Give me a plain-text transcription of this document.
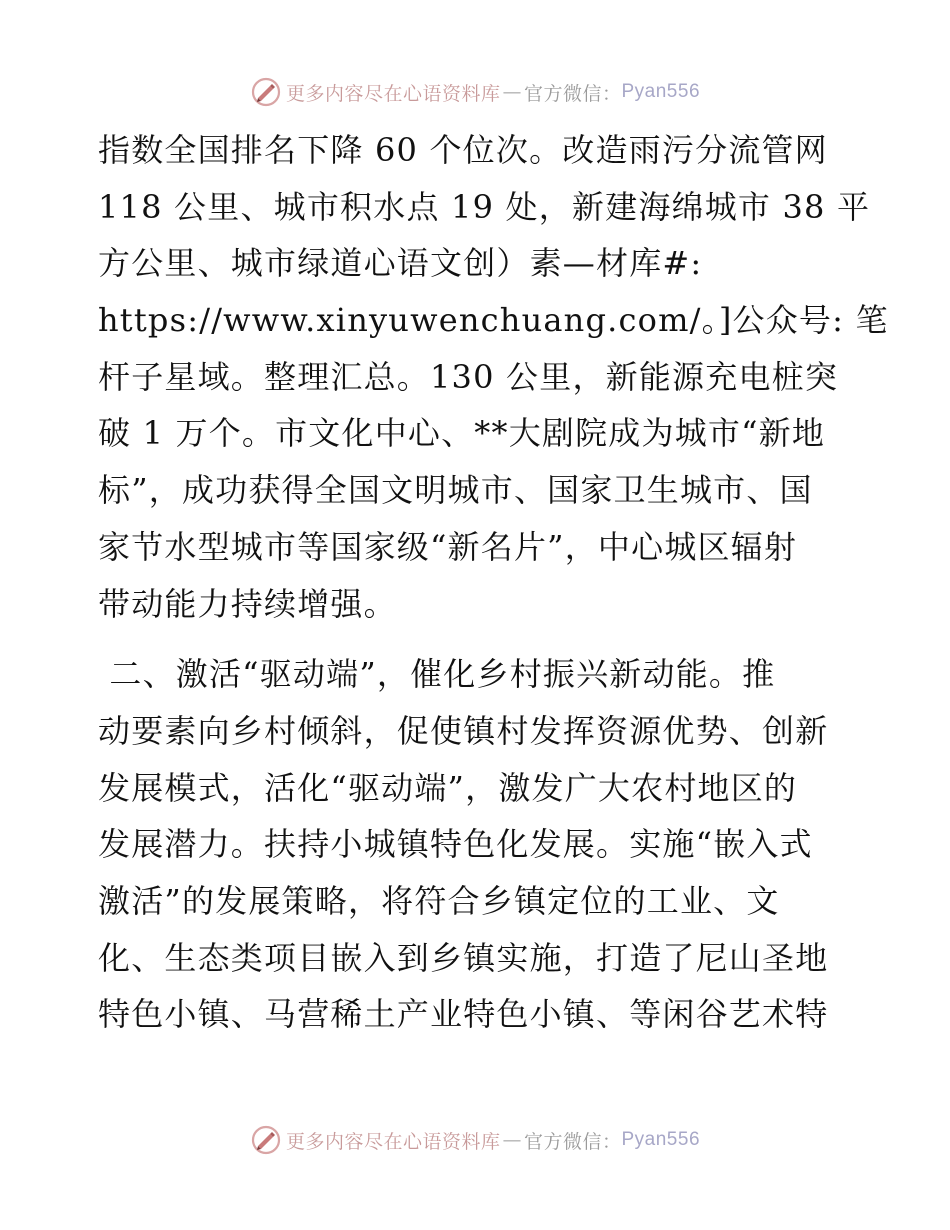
更多内容尽在心语资料库 — 官方微信： Pyan556
指数全国排名下降 60 个位次。改造雨污分流管网
118 公里、城市积水点 19 处，新建海绵城市 38 平
方公里、城市绿道心语文创）素—材库#:
https://www.xinyuwenchuang.com/。]公众号: 笔
杆子星域。整理汇总。130 公里，新能源充电桩突
破 1 万个。市文化中心、**大剧院成为城市“新地
标”，成功获得全国文明城市、国家卫生城市、国
家节水型城市等国家级“新名片”，中心城区辐射
带动能力持续增强。
二、激活“驱动端”，催化乡村振兴新动能。推
动要素向乡村倾斜，促使镇村发挥资源优势、创新
发展模式，活化“驱动端”，激发广大农村地区的
发展潜力。扶持小城镇特色化发展。实施“嵌入式
激活”的发展策略，将符合乡镇定位的工业、文
化、生态类项目嵌入到乡镇实施，打造了尼山圣地
特色小镇、马营稀土产业特色小镇、等闲谷艺术特
更多内容尽在心语资料库 — 官方微信： Pyan556
